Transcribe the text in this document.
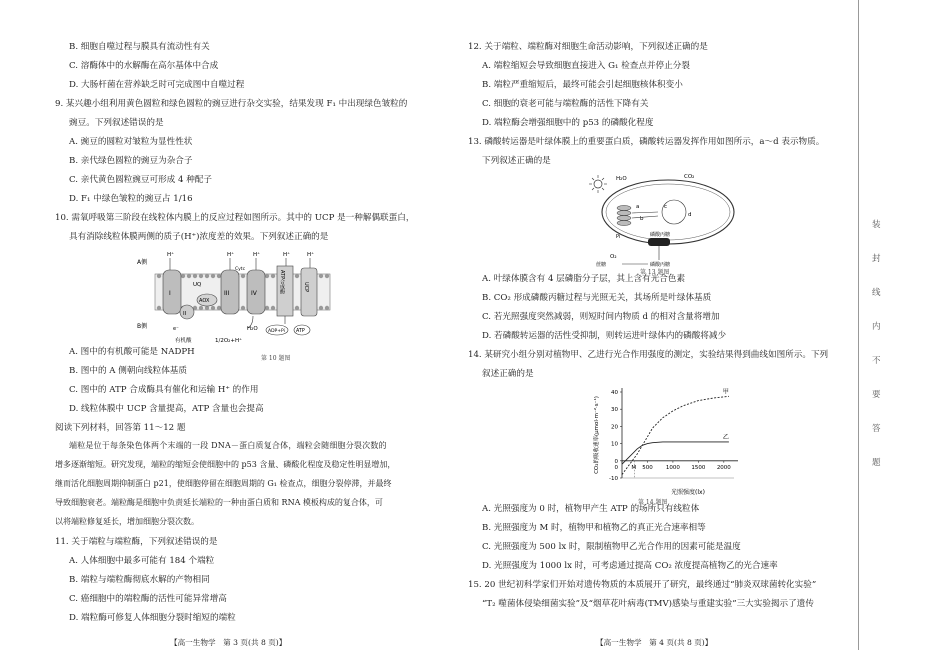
B. 细胞自噬过程与膜具有流动性有关
C. 溶酶体中的水解酶在高尔基体中合成
D. 大肠杆菌在营养缺乏时可完成图中自噬过程
9. 某兴趣小组利用黄色圆粒和绿色圆粒的豌豆进行杂交实验，结果发现 F₁ 中出现绿色皱粒的
豌豆。下列叙述错误的是
A. 豌豆的圆粒对皱粒为显性性状
B. 亲代绿色圆粒的豌豆为杂合子
C. 亲代黄色圆粒豌豆可形成 4 种配子
D. F₁ 中绿色皱粒的豌豆占 1/16
10. 需氧呼吸第三阶段在线粒体内膜上的反应过程如图所示。其中的 UCP 是一种解偶联蛋白，
具有消除线粒体膜两侧的质子(H⁺)浓度差的效果。下列叙述正确的是
A侧
B侧
H⁺	H⁺	H⁺	H⁺	H⁺
I
II
UQ
AOX
III
Cytc
IV	ATP合成酶	UCP
e⁻
有机酸	1/2O₂+H⁺
H₂O ADP+Pi ATP
第 10 题图
A. 图中的有机酸可能是 NADPH
B. 图中的 A 侧朝向线粒体基质
C. 图中的 ATP 合成酶具有催化和运输 H⁺ 的作用
D. 线粒体膜中 UCP 含量提高，ATP 含量也会提高
阅读下列材料，回答第 11～12 题
端粒是位于每条染色体两个末端的一段 DNA－蛋白质复合体，端粒会随细胞分裂次数的
增多逐渐缩短。研究发现，端粒的缩短会使细胞中的 p53 含量、磷酸化程度及稳定性明显增加，
继而活化细胞周期抑制蛋白 p21，使细胞停留在细胞周期的 G₁ 检查点，细胞分裂停滞，并最终
导致细胞衰老。端粒酶是细胞中负责延长端粒的一种由蛋白质和 RNA 模板构成的复合体，可
以将端粒修复延长，增加细胞分裂次数。
11. 关于端粒与端粒酶，下列叙述错误的是
A. 人体细胞中最多可能有 184 个端粒
B. 端粒与端粒酶彻底水解的产物相同
C. 癌细胞中的端粒酶的活性可能异常增高
D. 端粒酶可修复人体细胞分裂时缩短的端粒
【高一生物学　第 3 页(共 8 页)】
12. 关于端粒、端粒酶对细胞生命活动影响，下列叙述正确的是
A. 端粒缩短会导致细胞直接进入 G₁ 检查点并停止分裂
B. 端粒严重缩短后，最终可能会引起细胞核体积变小
C. 细胞的衰老可能与端粒酶的活性下降有关
D. 端粒酶会增强细胞中的 p53 的磷酸化程度
13. 磷酸转运器是叶绿体膜上的重要蛋白质，磷酸转运器发挥作用如图所示，a～d 表示物质。
下列叙述正确的是
H₂O	CO₂
a
b
c
d
Pi	磷酸丙糖
O₂
蔗糖	磷酸丙糖
第 13 题图
A. 叶绿体膜含有 4 层磷脂分子层，其上含有光合色素
B. CO₂ 形成磷酸丙糖过程与光照无关，其场所是叶绿体基质
C. 若光照强度突然减弱，则短时间内物质 d 的相对含量将增加
D. 若磷酸转运器的活性受抑制，则转运进叶绿体内的磷酸将减少
14. 某研究小组分别对植物甲、乙进行光合作用强度的测定，实验结果得到曲线如图所示。下列
叙述正确的是
-10
0
10
20
30
40
500 1000 1500 2000
0 M
甲
乙
光照强度(lx)
CO₂的吸收速率(μmol·m⁻²·s⁻¹)
第 14 题图
A. 光照强度为 0 时，植物甲产生 ATP 的场所只有线粒体
B. 光照强度为 M 时，植物甲和植物乙的真正光合速率相等
C. 光照强度为 500 lx 时，限制植物甲乙光合作用的因素可能是温度
D. 光照强度为 1000 lx 时，可考虑通过提高 CO₂ 浓度提高植物乙的光合速率
15. 20 世纪初科学家们开始对遗传物质的本质展开了研究，最终通过“肺炎双球菌转化实验”
“T₂ 噬菌体侵染细菌实验”及“烟草花叶病毒(TMV)感染与重建实验”三大实验揭示了遗传
【高一生物学　第 4 页(共 8 页)】
装
封
线
内
不
要
答
题
